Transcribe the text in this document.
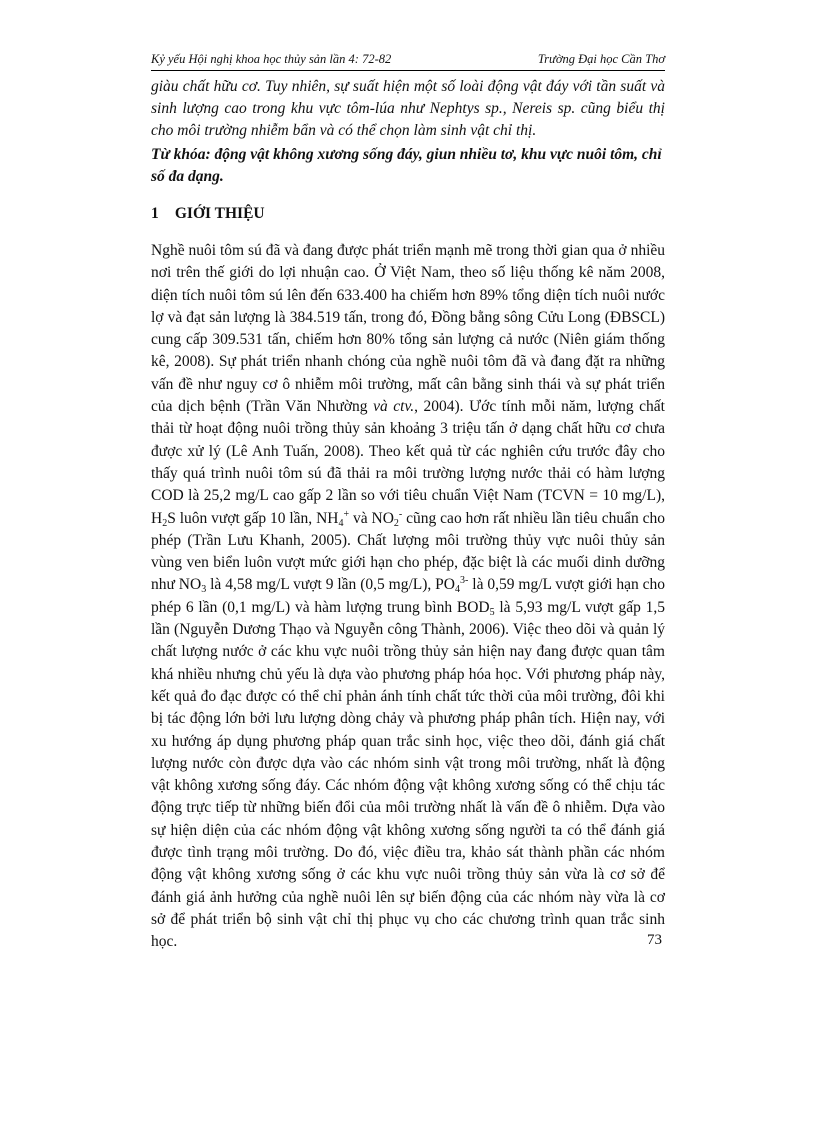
Kỷ yếu Hội nghị khoa học thủy sản lần 4: 72-82	Trường Đại học Cần Thơ

giàu chất hữu cơ. Tuy nhiên, sự suất hiện một số loài động vật đáy với tần suất và sinh lượng cao trong khu vực tôm-lúa như Nephtys sp., Nereis sp. cũng biểu thị cho môi trường nhiễm bẩn và có thể chọn làm sinh vật chỉ thị.

Từ khóa: động vật không xương sống đáy, giun nhiều tơ, khu vực nuôi tôm, chỉ số đa dạng.

1 GIỚI THIỆU

Nghề nuôi tôm sú đã và đang được phát triển mạnh mẽ trong thời gian qua ở nhiều nơi trên thế giới do lợi nhuận cao. Ở Việt Nam, theo số liệu thống kê năm 2008, diện tích nuôi tôm sú lên đến 633.400 ha chiếm hơn 89% tổng diện tích nuôi nước lợ và đạt sản lượng là 384.519 tấn, trong đó, Đồng bằng sông Cửu Long (ĐBSCL) cung cấp 309.531 tấn, chiếm hơn 80% tổng sản lượng cả nước (Niên giám thống kê, 2008). Sự phát triển nhanh chóng của nghề nuôi tôm đã và đang đặt ra những vấn đề như nguy cơ ô nhiễm môi trường, mất cân bằng sinh thái và sự phát triển của dịch bệnh (Trần Văn Nhường và ctv., 2004). Ước tính mỗi năm, lượng chất thải từ hoạt động nuôi trồng thủy sản khoảng 3 triệu tấn ở dạng chất hữu cơ chưa được xử lý (Lê Anh Tuấn, 2008). Theo kết quả từ các nghiên cứu trước đây cho thấy quá trình nuôi tôm sú đã thải ra môi trường lượng nước thải có hàm lượng COD là 25,2 mg/L cao gấp 2 lần so với tiêu chuẩn Việt Nam (TCVN = 10 mg/L), $H_2S$ luôn vượt gấp 10 lần, $NH_4^+$ và $NO_2^-$ cũng cao hơn rất nhiều lần tiêu chuẩn cho phép (Trần Lưu Khanh, 2005). Chất lượng môi trường thủy vực nuôi thủy sản vùng ven biển luôn vượt mức giới hạn cho phép, đặc biệt là các muối dinh dưỡng như $NO_3$ là 4,58 mg/L vượt 9 lần (0,5 mg/L), $PO_4^{3-}$ là 0,59 mg/L vượt giới hạn cho phép 6 lần (0,1 mg/L) và hàm lượng trung bình $BOD_5$ là 5,93 mg/L vượt gấp 1,5 lần (Nguyễn Dương Thạo và Nguyễn công Thành, 2006). Việc theo dõi và quản lý chất lượng nước ở các khu vực nuôi trồng thủy sản hiện nay đang được quan tâm khá nhiều nhưng chủ yếu là dựa vào phương pháp hóa học. Với phương pháp này, kết quả đo đạc được có thể chỉ phản ánh tính chất tức thời của môi trường, đôi khi bị tác động lớn bởi lưu lượng dòng chảy và phương pháp phân tích. Hiện nay, với xu hướng áp dụng phương pháp quan trắc sinh học, việc theo dõi, đánh giá chất lượng nước còn được dựa vào các nhóm sinh vật trong môi trường, nhất là động vật không xương sống đáy. Các nhóm động vật không xương sống có thể chịu tác động trực tiếp từ những biến đổi của môi trường nhất là vấn đề ô nhiễm. Dựa vào sự hiện diện của các nhóm động vật không xương sống người ta có thể đánh giá được tình trạng môi trường. Do đó, việc điều tra, khảo sát thành phần các nhóm động vật không xương sống ở các khu vực nuôi trồng thủy sản vừa là cơ sở để đánh giá ảnh hưởng của nghề nuôi lên sự biến động của các nhóm này vừa là cơ sở để phát triển bộ sinh vật chỉ thị phục vụ cho các chương trình quan trắc sinh học.	73
